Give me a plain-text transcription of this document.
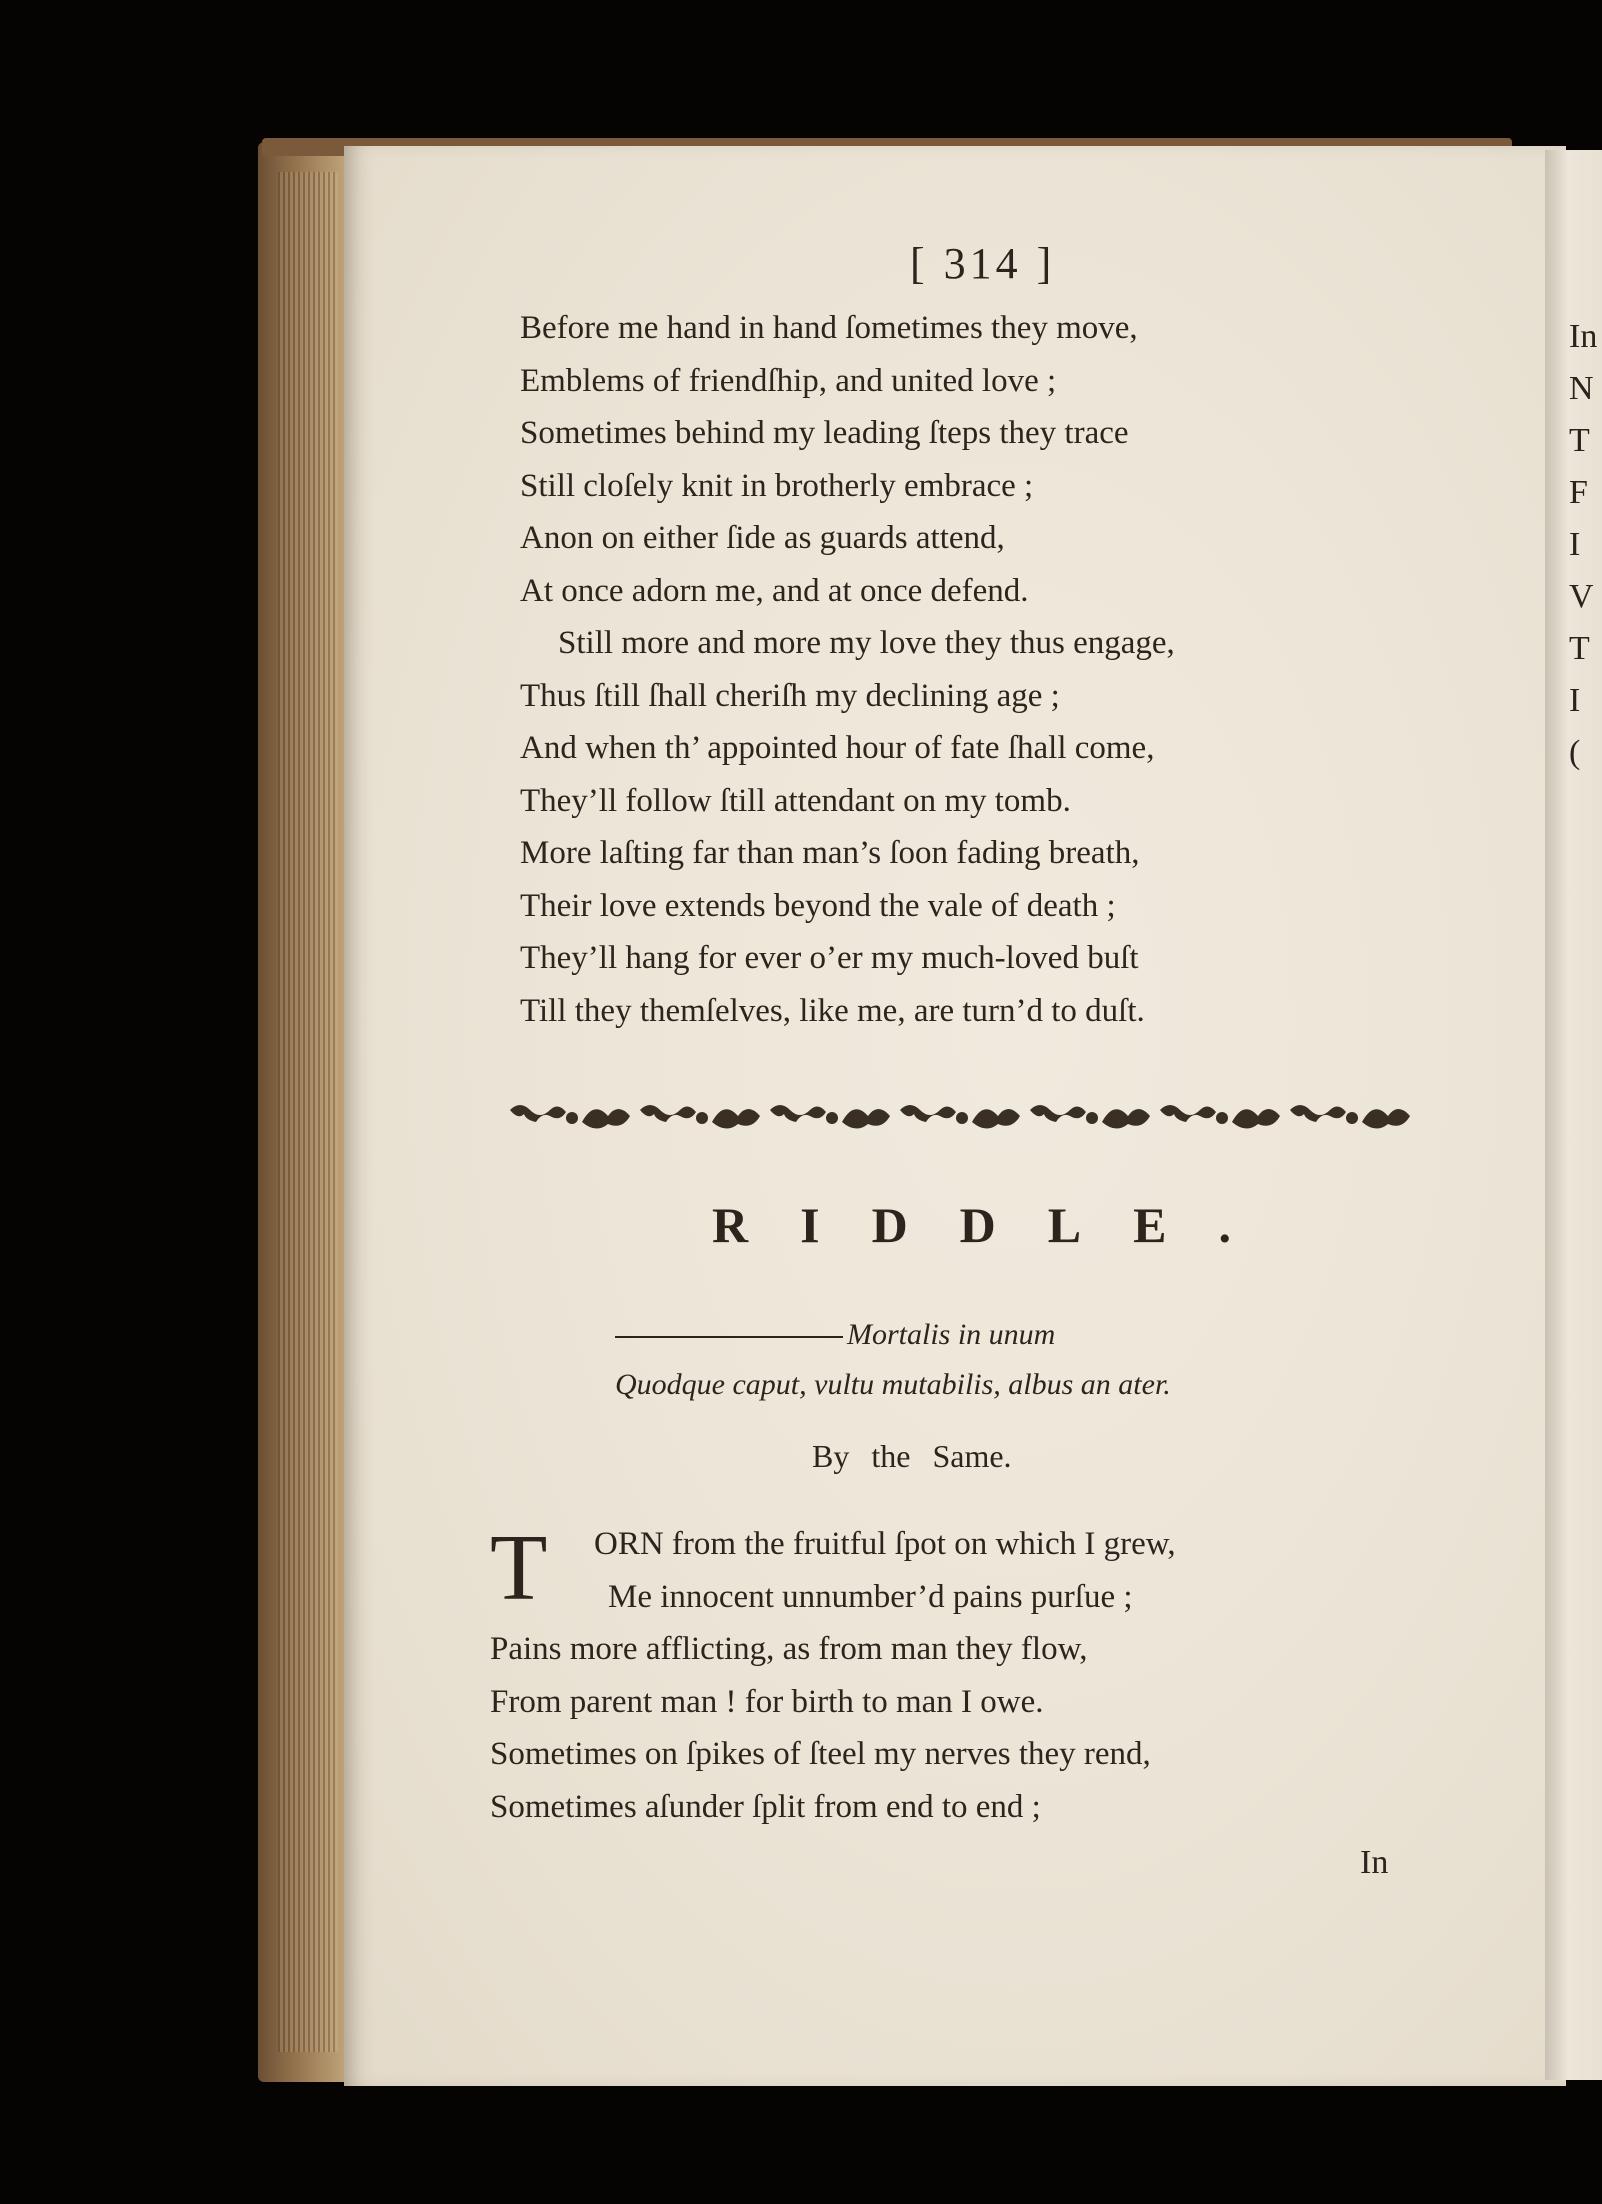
In
N
T
F
I
V
T
I
(
[ 314 ]
Before me hand in hand ſometimes they move,
Emblems of friendſhip, and united love ;
Sometimes behind my leading ſteps they trace
Still cloſely knit in brotherly embrace ;
Anon on either ſide as guards attend,
At once adorn me, and at once defend.
Still more and more my love they thus engage,
Thus ſtill ſhall cheriſh my declining age ;
And when th’ appointed hour of fate ſhall come,
They’ll follow ſtill attendant on my tomb.
More laſting far than man’s ſoon fading breath,
Their love extends beyond the vale of death ;
They’ll hang for ever o’er my much-loved buſt
Till they themſelves, like me, are turn’d to duſt.
RIDDLE.
Mortalis in unum
Quodque caput, vultu mutabilis, albus an ater.
By the Same.
T	ORN from the fruitful ſpot on which I grew,
Me innocent unnumber’d pains purſue ;
Pains more afflicting, as from man they flow,
From parent man ! for birth to man I owe.
Sometimes on ſpikes of ſteel my nerves they rend,
Sometimes aſunder ſplit from end to end ;
In
